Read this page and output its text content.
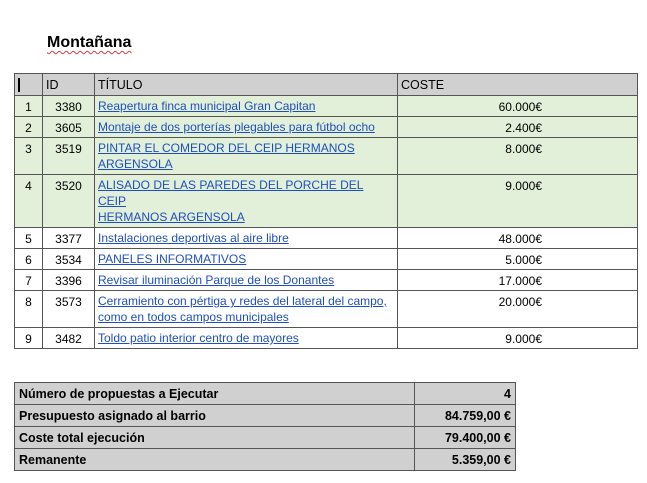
Montañana
	ID	TÍTULO	COSTE
1	3380	Reapertura finca municipal Gran Capitan	60.000€
2	3605	Montaje de dos porterías plegables para fútbol ocho	2.400€
3	3519	PINTAR EL COMEDOR DEL CEIP HERMANOS
ARGENSOLA	8.000€
4	3520	ALISADO DE LAS PAREDES DEL PORCHE DEL CEIP
HERMANOS ARGENSOLA	9.000€
5	3377	Instalaciones deportivas al aire libre	48.000€
6	3534	PANELES INFORMATIVOS	5.000€
7	3396	Revisar iluminación Parque de los Donantes	17.000€
8	3573	Cerramiento con pértiga y redes del lateral del campo,
como en todos campos municipales	20.000€
9	3482	Toldo patio interior centro de mayores	9.000€
Número de propuestas a Ejecutar	4
Presupuesto asignado al barrio	84.759,00 €
Coste total ejecución	79.400,00 €
Remanente	5.359,00 €
